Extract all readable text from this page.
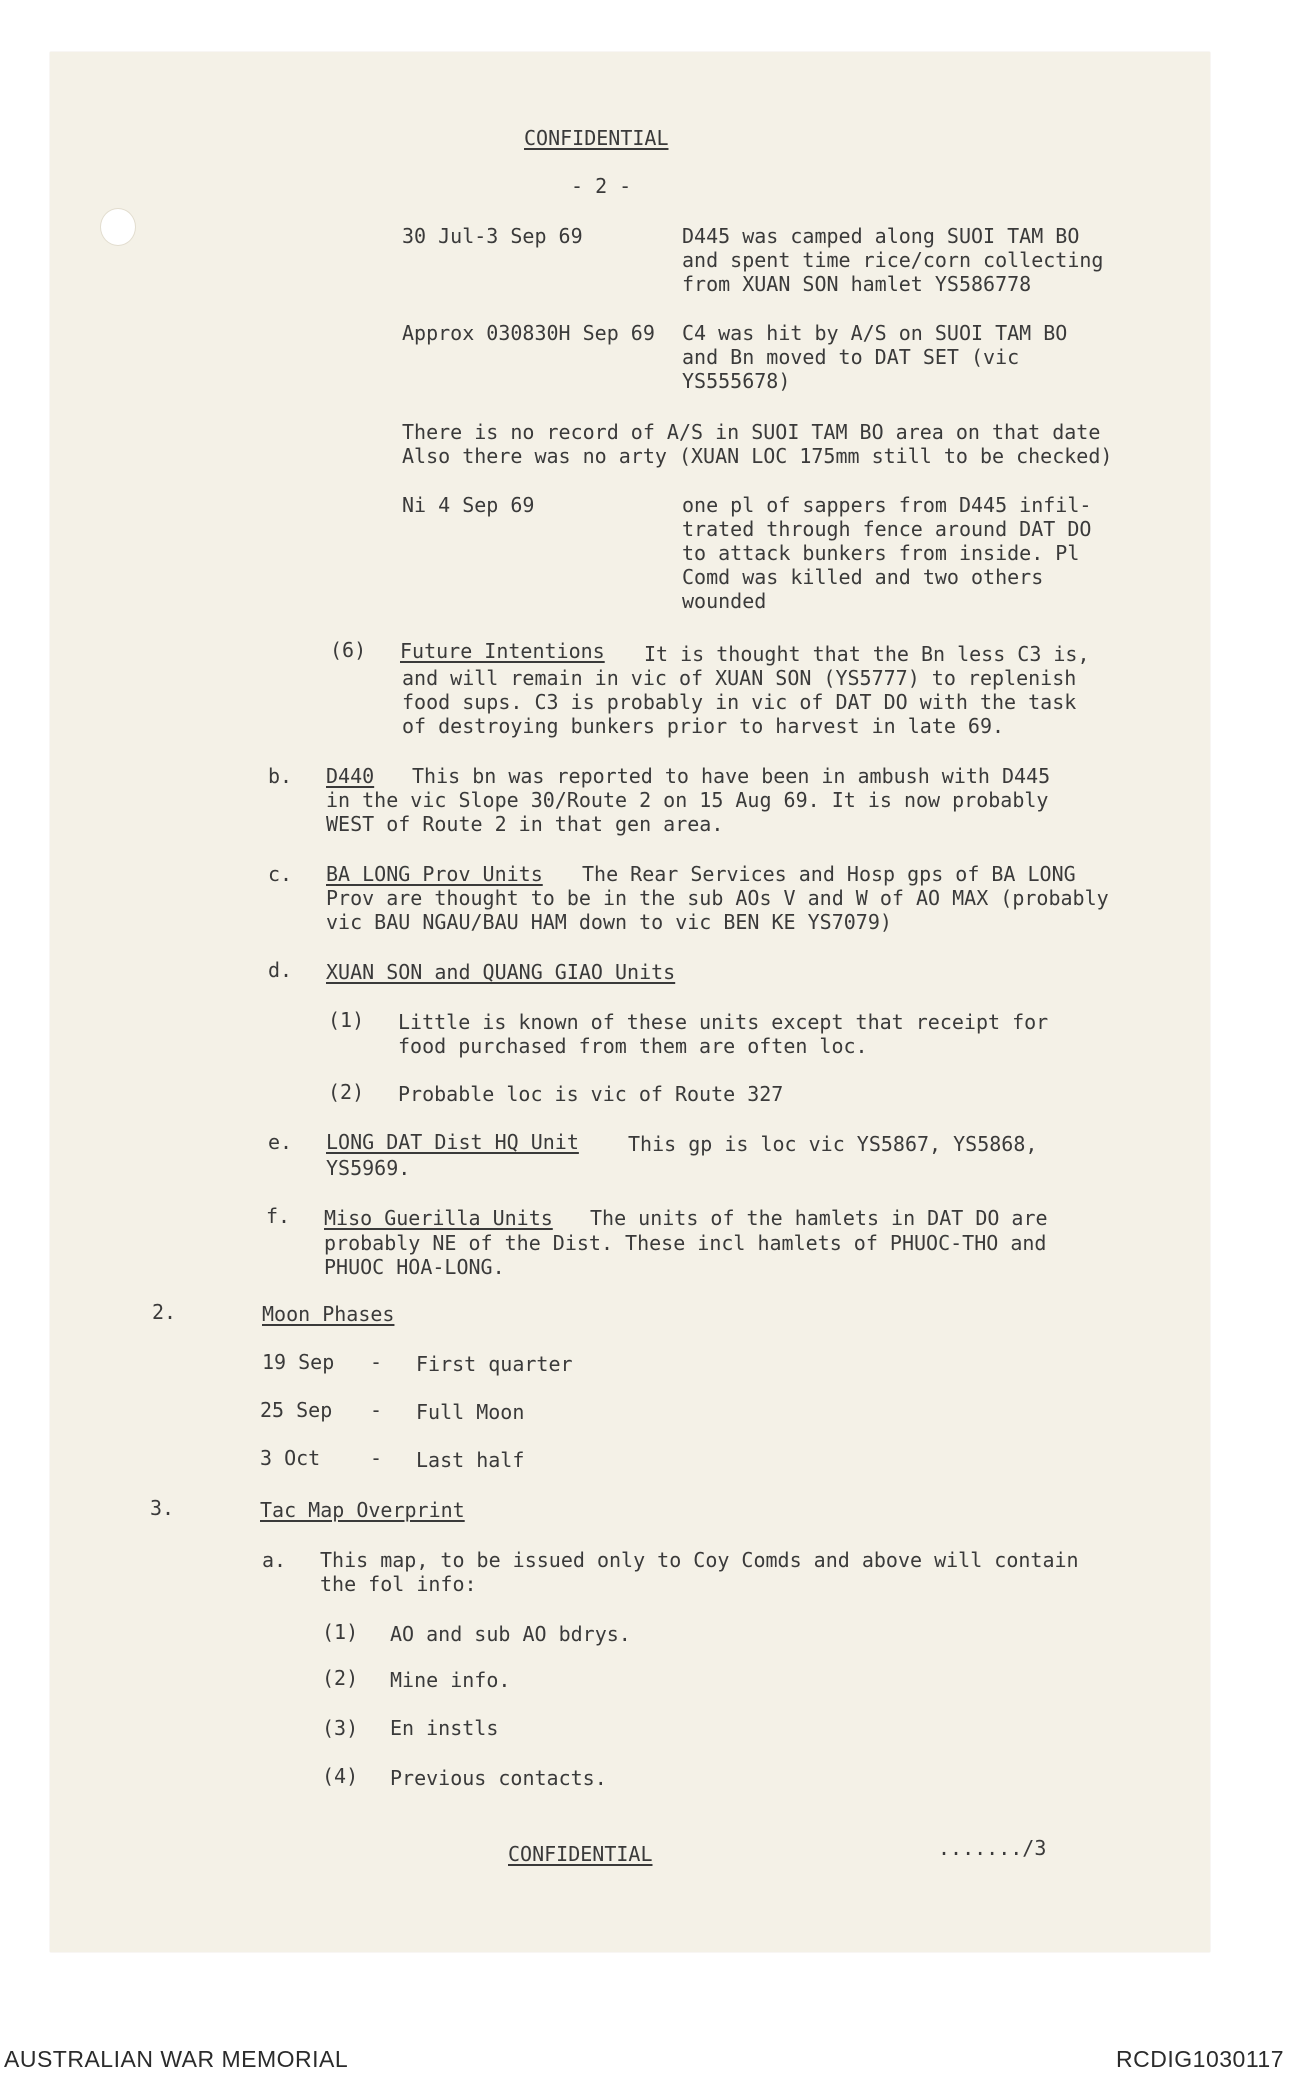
CONFIDENTIAL
- 2 -
30 Jul-3 Sep 69	D445 was camped along SUOI TAM BO
and spent time rice/corn collecting
from XUAN SON hamlet YS586778
Approx 030830H Sep 69 C4 was hit by A/S on SUOI TAM BO
and Bn moved to DAT SET (vic
YS555678)
There is no record of A/S in SUOI TAM BO area on that date
Also there was no arty (XUAN LOC 175mm still to be checked)
Ni 4 Sep 69	one pl of sappers from D445 infil-
trated through fence around DAT DO
to attack bunkers from inside. Pl
Comd was killed and two others
wounded
(6) Future Intentions It is thought that the Bn less C3 is,
and will remain in vic of XUAN SON (YS5777) to replenish
food sups. C3 is probably in vic of DAT DO with the task
of destroying bunkers prior to harvest in late 69.
b. D440 This bn was reported to have been in ambush with D445
in the vic Slope 30/Route 2 on 15 Aug 69. It is now probably
WEST of Route 2 in that gen area.
c. BA LONG Prov Units The Rear Services and Hosp gps of BA LONG
Prov are thought to be in the sub AOs V and W of AO MAX (probably
vic BAU NGAU/BAU HAM down to vic BEN KE YS7079)
d. XUAN SON and QUANG GIAO Units
(1) Little is known of these units except that receipt for
food purchased from them are often loc.
(2) Probable loc is vic of Route 327
e. LONG DAT Dist HQ Unit This gp is loc vic YS5867, YS5868,
YS5969.
f. Miso Guerilla Units The units of the hamlets in DAT DO are
probably NE of the Dist. These incl hamlets of PHUOC-THO and
PHUOC HOA-LONG.
2.	Moon Phases
19 Sep - First quarter
25 Sep - Full Moon
3 Oct - Last half
3.	Tac Map Overprint
a. This map, to be issued only to Coy Comds and above will contain
the fol info:
(1) AO and sub AO bdrys.
(2) Mine info.
(3) En instls
(4) Previous contacts.
CONFIDENTIAL	......./3
AUSTRALIAN WAR MEMORIAL	RCDIG1030117
